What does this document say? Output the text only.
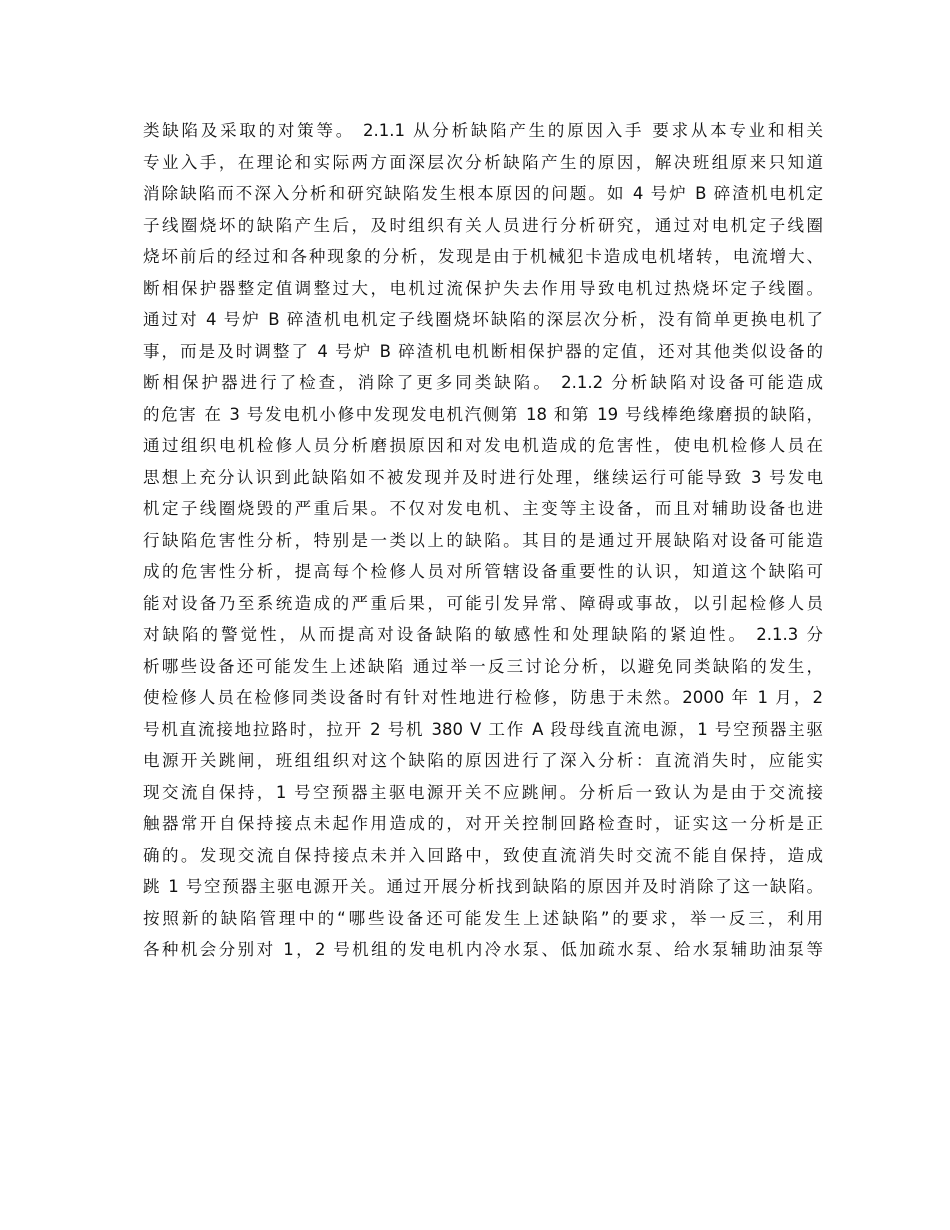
类缺陷及采取的对策等。 2.1.1 从分析缺陷产生的原因入手 要求从本专业和相关
专业入手，在理论和实际两方面深层次分析缺陷产生的原因，解决班组原来只知道
消除缺陷而不深入分析和研究缺陷发生根本原因的问题。如 4 号炉 B 碎渣机电机定
子线圈烧坏的缺陷产生后，及时组织有关人员进行分析研究，通过对电机定子线圈
烧坏前后的经过和各种现象的分析，发现是由于机械犯卡造成电机堵转，电流增大、
断相保护器整定值调整过大，电机过流保护失去作用导致电机过热烧坏定子线圈。
通过对 4 号炉 B 碎渣机电机定子线圈烧坏缺陷的深层次分析，没有简单更换电机了
事，而是及时调整了 4 号炉 B 碎渣机电机断相保护器的定值，还对其他类似设备的
断相保护器进行了检查，消除了更多同类缺陷。 2.1.2 分析缺陷对设备可能造成
的危害 在 3 号发电机小修中发现发电机汽侧第 18 和第 19 号线棒绝缘磨损的缺陷，
通过组织电机检修人员分析磨损原因和对发电机造成的危害性，使电机检修人员在
思想上充分认识到此缺陷如不被发现并及时进行处理，继续运行可能导致 3 号发电
机定子线圈烧毁的严重后果。不仅对发电机、主变等主设备，而且对辅助设备也进
行缺陷危害性分析，特别是一类以上的缺陷。其目的是通过开展缺陷对设备可能造
成的危害性分析，提高每个检修人员对所管辖设备重要性的认识，知道这个缺陷可
能对设备乃至系统造成的严重后果，可能引发异常、障碍或事故，以引起检修人员
对缺陷的警觉性，从而提高对设备缺陷的敏感性和处理缺陷的紧迫性。 2.1.3 分
析哪些设备还可能发生上述缺陷 通过举一反三讨论分析，以避免同类缺陷的发生，
使检修人员在检修同类设备时有针对性地进行检修，防患于未然。2000 年 1 月，2
号机直流接地拉路时，拉开 2 号机 380 V 工作 A 段母线直流电源，1 号空预器主驱
电源开关跳闸，班组组织对这个缺陷的原因进行了深入分析：直流消失时，应能实
现交流自保持，1 号空预器主驱电源开关不应跳闸。分析后一致认为是由于交流接
触器常开自保持接点未起作用造成的，对开关控制回路检查时，证实这一分析是正
确的。发现交流自保持接点未并入回路中，致使直流消失时交流不能自保持，造成
跳 1 号空预器主驱电源开关。通过开展分析找到缺陷的原因并及时消除了这一缺陷。
按照新的缺陷管理中的“哪些设备还可能发生上述缺陷”的要求，举一反三，利用
各种机会分别对 1，2 号机组的发电机内冷水泵、低加疏水泵、给水泵辅助油泵等
